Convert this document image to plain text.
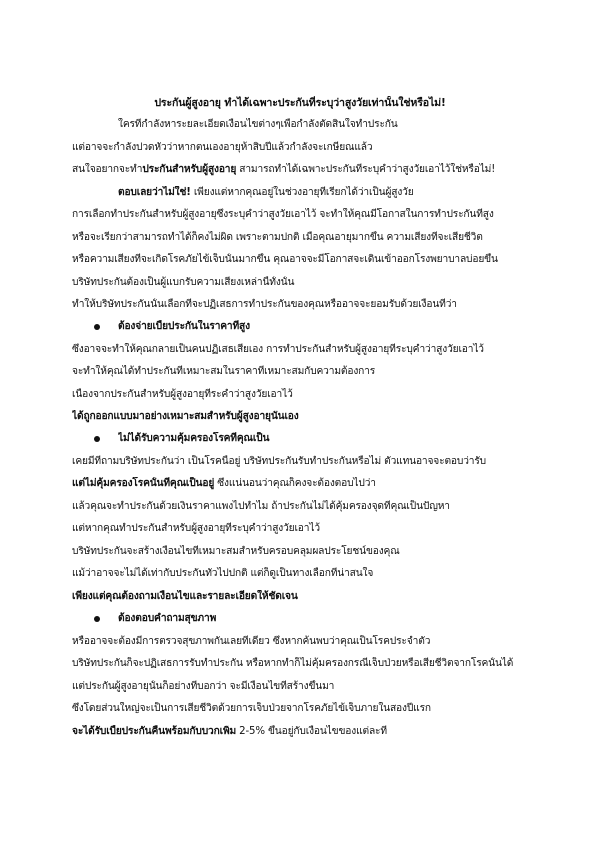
ประกันผู้สูงอายุ ทำได้เฉพาะประกันที่ระบุว่าสูงวัยเท่านั้นใช่หรือไม่!
ใครที่กำลังหาระยละเอียดเงื่อนไขต่างๆเพื่อกำลังตัดสินใจทำประกัน
แต่อาจจะกำลังปวดหัวว่าหากตนเองอายุห้าสิบปีแล้วกำลังจะเกษียณแล้ว
สนใจอยากจะทำประกันสำหรับผู้สูงอายุ สามารถทำได้เฉพาะประกันที่ระบุคำว่าสูงวัยเอาไว้ใช่หรือไม่!
ตอบเลยว่าไม่ใช่! เพียงแต่หากคุณอยู่ในช่วงอายุที่เรียกได้ว่าเป็นผู้สูงวัย
การเลือกทำประกันสำหรับผู้สูงอายุซึ่งระบุคำว่าสูงวัยเอาไว้ จะทำให้คุณมีโอกาสในการทำประกันที่สูง
หรือจะเรียกว่าสามารถทำได้ก็คงไม่ผิด เพราะตามปกติ เมื่อคุณอายุมากขึ้น ความเสี่ยงที่จะเสียชีวิต
หรือความเสี่ยงที่จะเกิดโรคภัยไข้เจ็บนั้นมากขึ้น คุณอาจจะมีโอกาสจะเดินเข้าออกโรงพยาบาลบ่อยขึ้น
บริษัทประกันต้องเป็นผู้แบกรับความเสี่ยงเหล่านี้ทั้งนั้น
ทำให้บริษัทประกันนั้นเลือกที่จะปฏิเสธการทำประกันของคุณหรืออาจจะยอมรับด้วยเงื่อนที่ว่า
ต้องจ่ายเบี้ยประกันในราคาที่สูง
ซึ่งอาจจะทำให้คุณกลายเป็นคนปฏิเสธเสียเอง การทำประกันสำหรับผู้สูงอายุที่ระบุคำว่าสูงวัยเอาไว้
จะทำให้คุณได้ทำประกันที่เหมาะสมในราคาที่เหมาะสมกับความต้องการ
เนื่องจากประกันสำหรับผู้สูงอายุที่ระคำว่าสูงวัยเอาไว้
ได้ถูกออกแบบมาอย่างเหมาะสมสำหรับผู้สูงอายุนั่นเอง
ไม่ได้รับความคุ้มครองโรคที่คุณเป็น
เคยมีที่ถามบริษัทประกันว่า เป็นโรคนี้อยู่ บริษัทประกันรับทำประกันหรือไม่ ตัวแทนอาจจะตอบว่ารับ
แต่ไม่คุ้มครองโรคนั้นที่คุณเป็นอยู่ ซึ่งแน่นอนว่าคุณก็คงจะต้องตอบไปว่า
แล้วคุณจะทำประกันด้วยเงินราคาแพงไปทำไม ถ้าประกันไม่ได้คุ้มครองจุดที่คุณเป็นปัญหา
แต่หากคุณทำประกันสำหรับผู้สูงอายุที่ระบุคำว่าสูงวัยเอาไว้
บริษัทประกันจะสร้างเงื่อนไขที่เหมาะสมสำหรับครอบคลุมผลประโยชน์ของคุณ
แม้ว่าอาจจะไม่ได้เท่ากับประกันทั่วไปปกติ แต่ก็ดูเป็นทางเลือกที่น่าสนใจ
เพียงแต่คุณต้องถามเงื่อนไขและรายละเอียดให้ชัดเจน
ต้องตอบคำถามสุขภาพ
หรืออาจจะต้องมีการตรวจสุขภาพกันเลยทีเดียว ซึ่งหากค้นพบว่าคุณเป็นโรคประจำตัว
บริษัทประกันก็จะปฏิเสธการรับทำประกัน หรือหากทำก็ไม่คุ้มครองกรณีเจ็บป่วยหรือเสียชีวิตจากโรคนั้นได้
แต่ประกันผู้สูงอายุนั้นก็อย่างที่บอกว่า จะมีเงื่อนไขที่สร้างขึ้นมา
ซึ่งโดยส่วนใหญ่จะเป็นการเสียชีวิตด้วยการเจ็บป่วยจากโรคภัยไข้เจ็บภายในสองปีแรก
จะได้รับเบี้ยประกันคืนพร้อมกับบวกเพิ่ม 2-5% ขึ้นอยู่กับเงื่อนไขของแต่ละที่
